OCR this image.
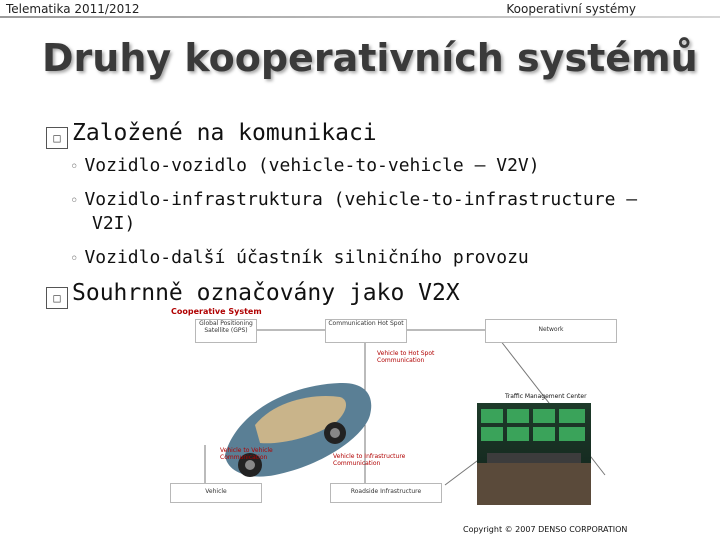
Telematika 2011/2012	Kooperativní systémy
Druhy kooperativních systémů
□ Založené na komunikaci
◦ Vozidlo-vozidlo (vehicle-to-vehicle – V2V)
◦ Vozidlo-infrastruktura (vehicle-to-infrastructure –
V2I)
◦ Vozidlo-další účastník silničního provozu
□ Souhrnně označovány jako V2X
Cooperative System
Global Positioning Satellite (GPS)
Communication Hot Spot
Network
Vehicle to Hot Spot Communication
Traffic Management Center
Vehicle to Vehicle Communication	Vehicle to Infrastructure Communication
Vehicle	Roadside Infrastructure
Copyright © 2007 DENSO CORPORATION
